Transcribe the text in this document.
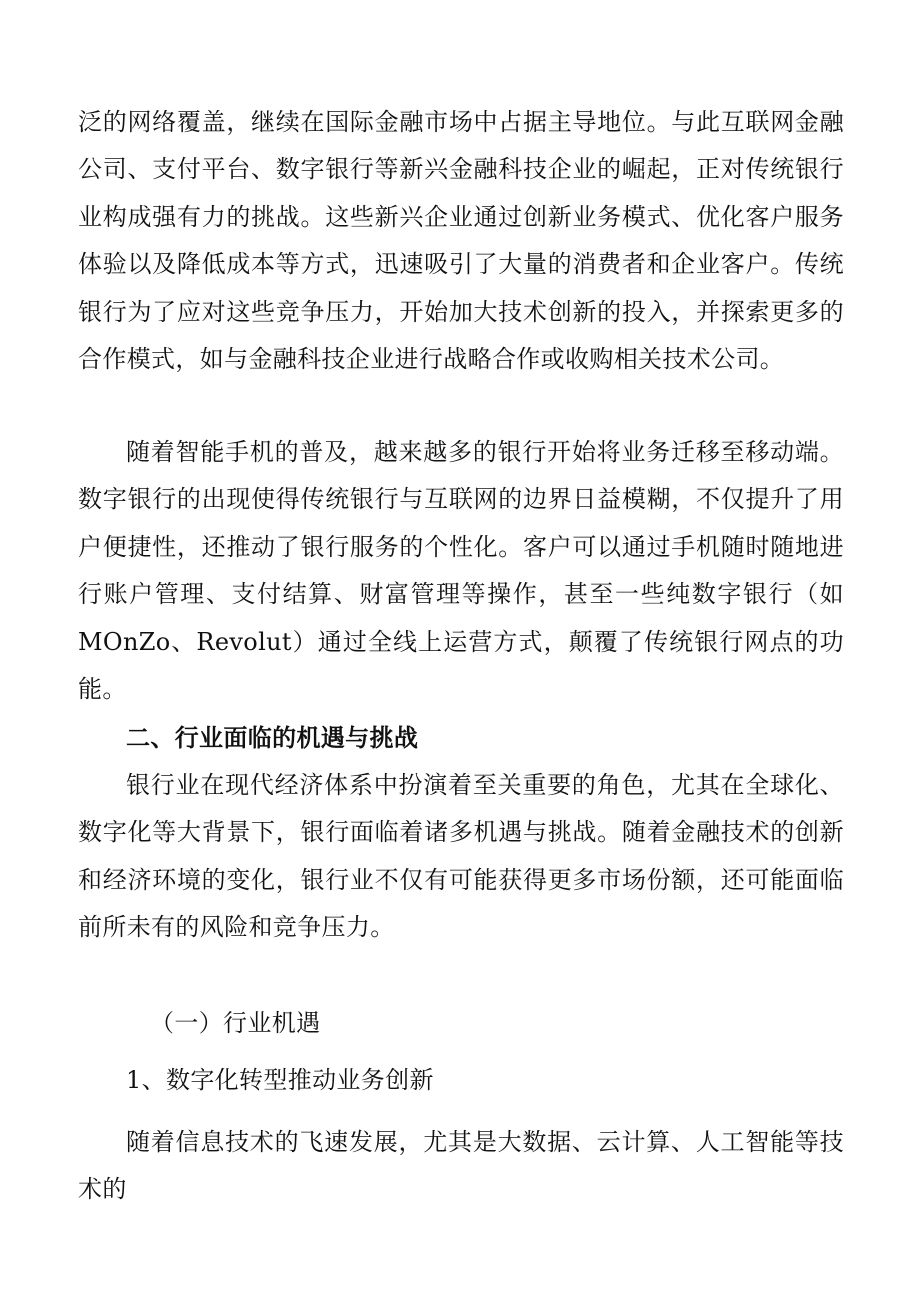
泛的网络覆盖，继续在国际金融市场中占据主导地位。与此互联网金融公司、支付平台、数字银行等新兴金融科技企业的崛起，正对传统银行业构成强有力的挑战。这些新兴企业通过创新业务模式、优化客户服务体验以及降低成本等方式，迅速吸引了大量的消费者和企业客户。传统银行为了应对这些竞争压力，开始加大技术创新的投入，并探索更多的合作模式，如与金融科技企业进行战略合作或收购相关技术公司。

随着智能手机的普及，越来越多的银行开始将业务迁移至移动端。数字银行的出现使得传统银行与互联网的边界日益模糊，不仅提升了用户便捷性，还推动了银行服务的个性化。客户可以通过手机随时随地进行账户管理、支付结算、财富管理等操作，甚至一些纯数字银行（如MOnZo、Revolut）通过全线上运营方式，颠覆了传统银行网点的功能。

二、行业面临的机遇与挑战

银行业在现代经济体系中扮演着至关重要的角色，尤其在全球化、数字化等大背景下，银行面临着诸多机遇与挑战。随着金融技术的创新和经济环境的变化，银行业不仅有可能获得更多市场份额，还可能面临前所未有的风险和竞争压力。

（一）行业机遇

1、数字化转型推动业务创新

随着信息技术的飞速发展，尤其是大数据、云计算、人工智能等技术的
